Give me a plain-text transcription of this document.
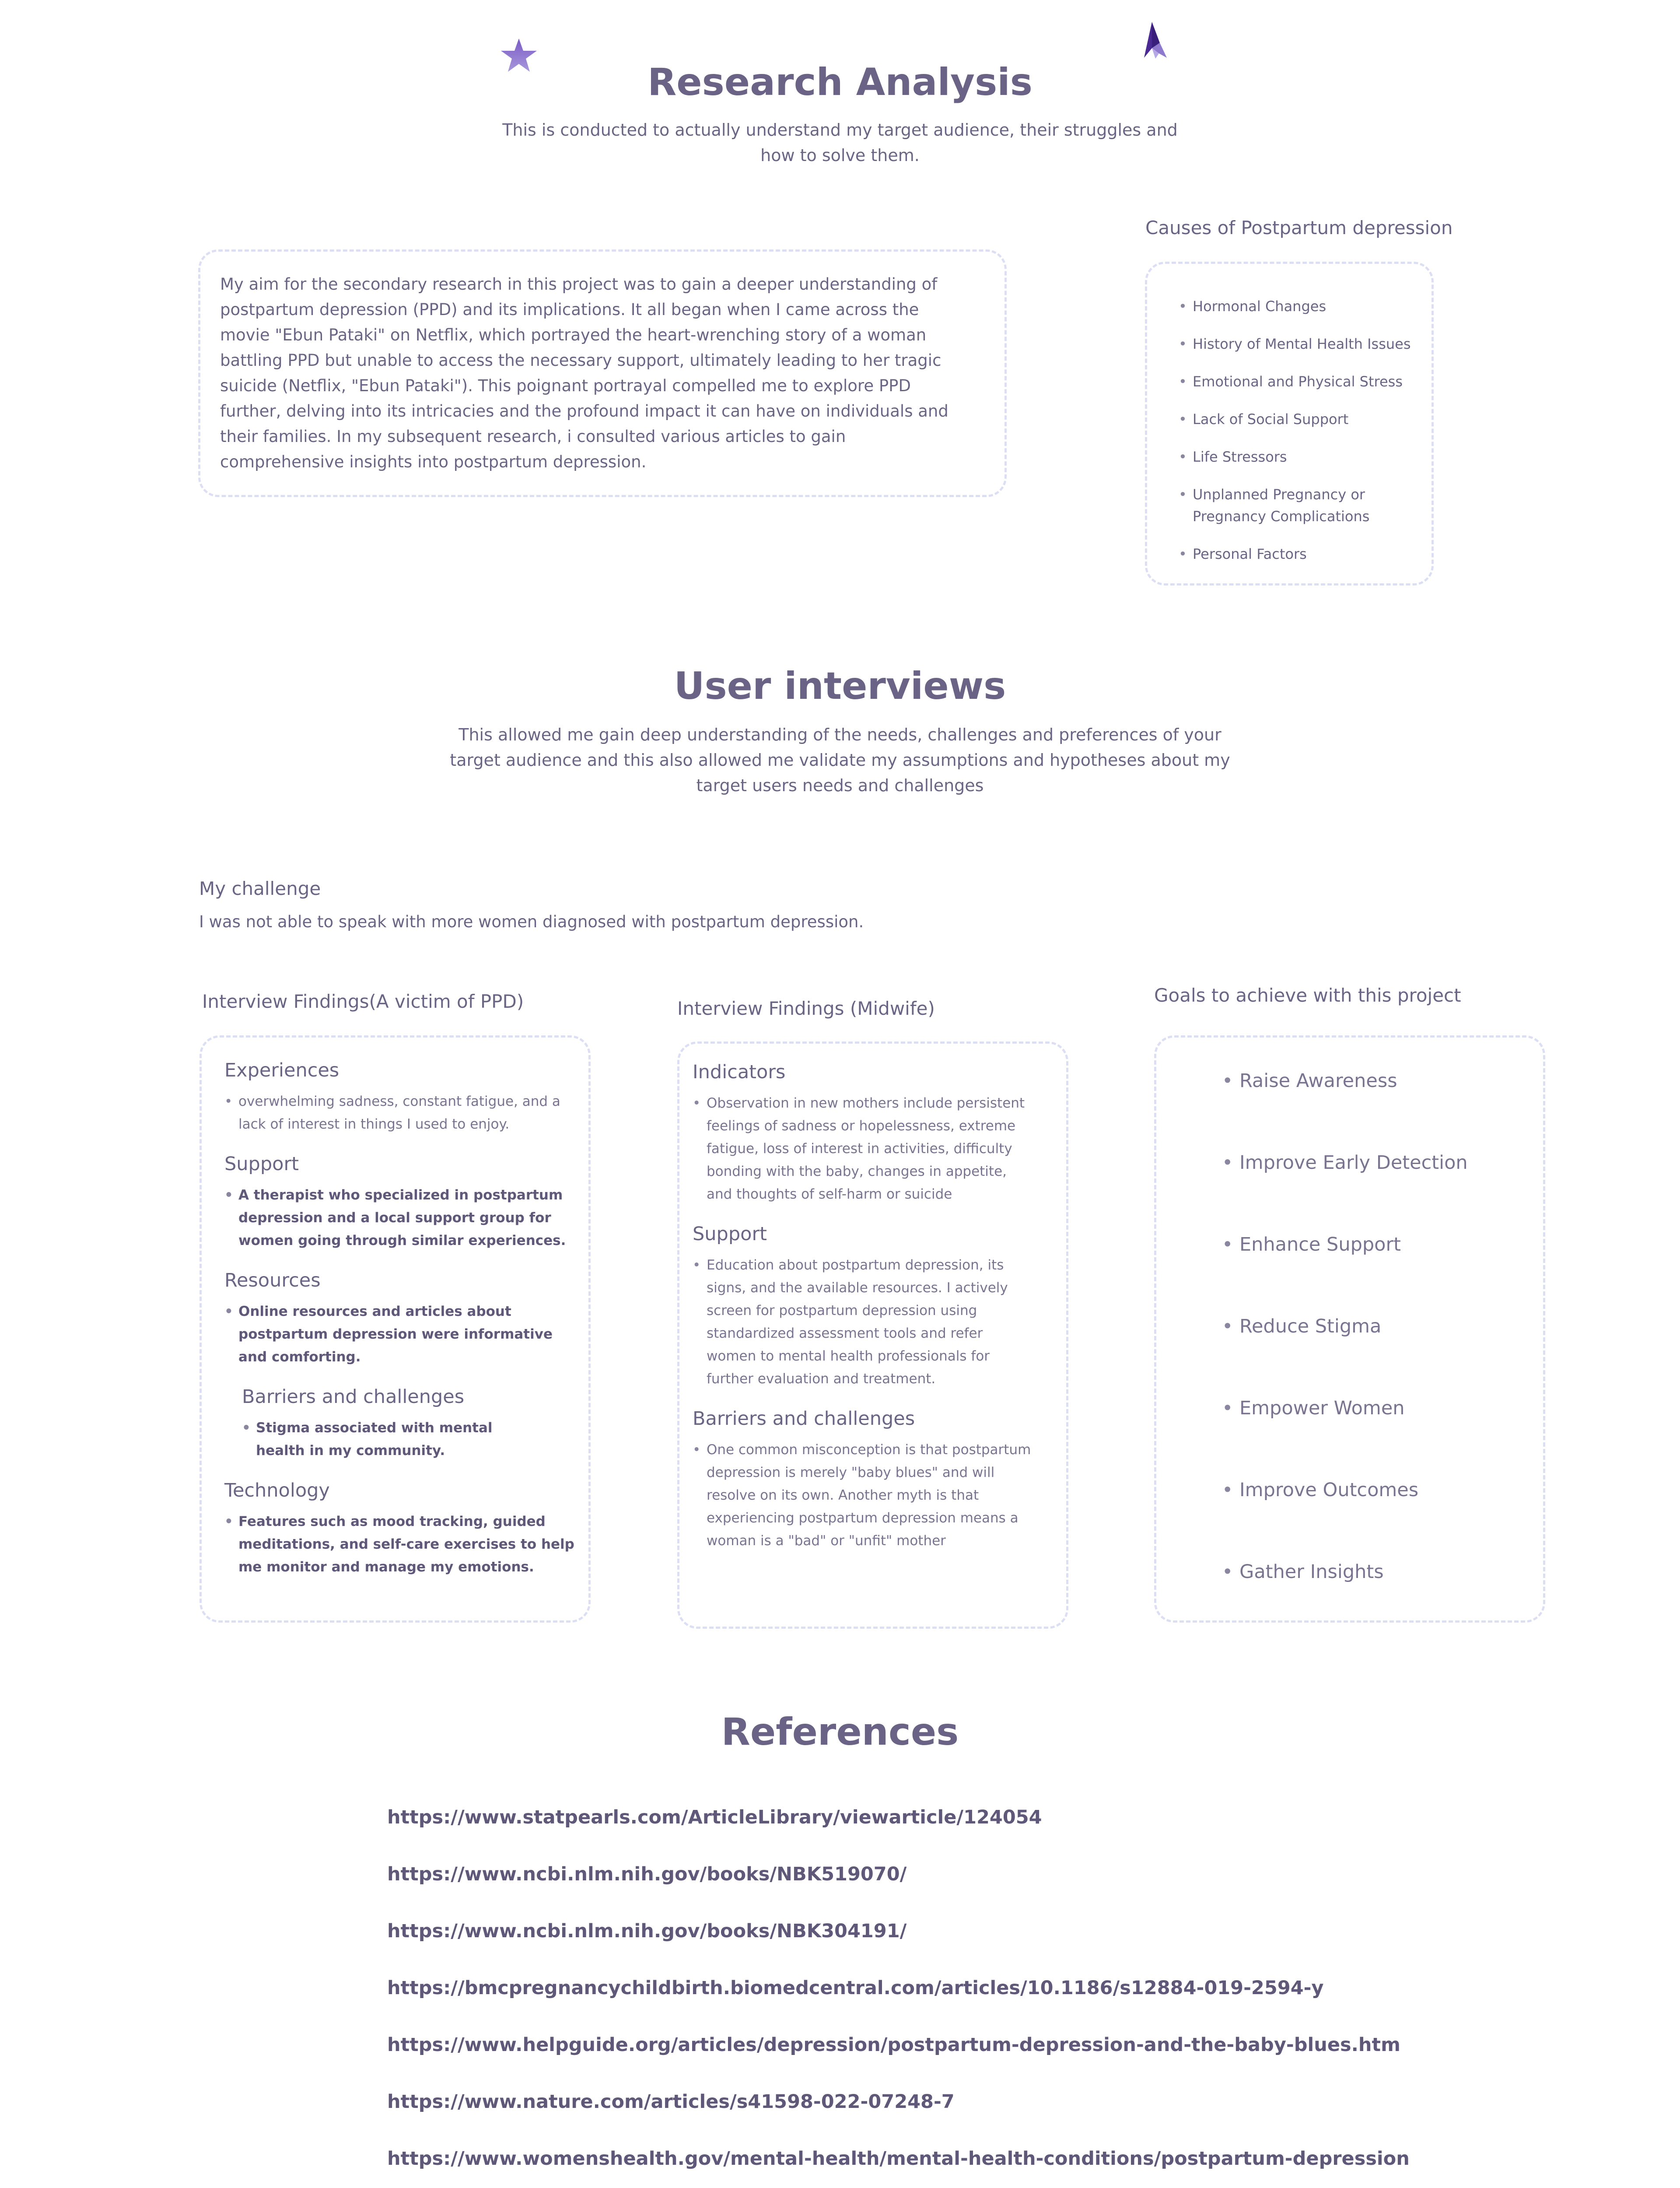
Research Analysis
This is conducted to actually understand my target audience, their struggles and
how to solve them.

My aim for the secondary research in this project was to gain a deeper understanding of postpartum depression (PPD) and its implications. It all began when I came across the movie "Ebun Pataki" on Netflix, which portrayed the heart-wrenching story of a woman battling PPD but unable to access the necessary support, ultimately leading to her tragic suicide (Netflix, "Ebun Pataki"). This poignant portrayal compelled me to explore PPD further, delving into its intricacies and the profound impact it can have on individuals and their families. In my subsequent research, i consulted various articles to gain comprehensive insights into postpartum depression.

Causes of Postpartum depression
• Hormonal Changes
• History of Mental Health Issues
• Emotional and Physical Stress
• Lack of Social Support
• Life Stressors
• Unplanned Pregnancy or Pregnancy Complications
• Personal Factors
User interviews
This allowed me gain deep understanding of the needs, challenges and preferences of your target audience and this also allowed me validate my assumptions and hypotheses about my target users needs and challenges
My challenge
I was not able to speak with more women diagnosed with postpartum depression.
Interview Findings(A victim of PPD)
Experiences
• overwhelming sadness, constant fatigue, and a lack of interest in things I used to enjoy.
Support
• A therapist who specialized in postpartum depression and a local support group for women going through similar experiences.
Resources
• Online resources and articles about postpartum depression were informative and comforting.
Barriers and challenges
• Stigma associated with mental health in my community.
Technology
• Features such as mood tracking, guided meditations, and self-care exercises to help me monitor and manage my emotions.
Interview Findings (Midwife)
Indicators
• Observation in new mothers include persistent feelings of sadness or hopelessness, extreme fatigue, loss of interest in activities, difficulty bonding with the baby, changes in appetite, and thoughts of self-harm or suicide
Support
• Education about postpartum depression, its signs, and the available resources. I actively screen for postpartum depression using standardized assessment tools and refer women to mental health professionals for further evaluation and treatment.
Barriers and challenges
• One common misconception is that postpartum depression is merely "baby blues" and will resolve on its own. Another myth is that experiencing postpartum depression means a woman is a "bad" or "unfit" mother
Goals to achieve with this project
• Raise Awareness
• Improve Early Detection
• Enhance Support
• Reduce Stigma
• Empower Women
• Improve Outcomes
• Gather Insights
References
https://www.statpearls.com/ArticleLibrary/viewarticle/124054
https://www.ncbi.nlm.nih.gov/books/NBK519070/
https://www.ncbi.nlm.nih.gov/books/NBK304191/
https://bmcpregnancychildbirth.biomedcentral.com/articles/10.1186/s12884-019-2594-y
https://www.helpguide.org/articles/depression/postpartum-depression-and-the-baby-blues.htm
https://www.nature.com/articles/s41598-022-07248-7
https://www.womenshealth.gov/mental-health/mental-health-conditions/postpartum-depression
